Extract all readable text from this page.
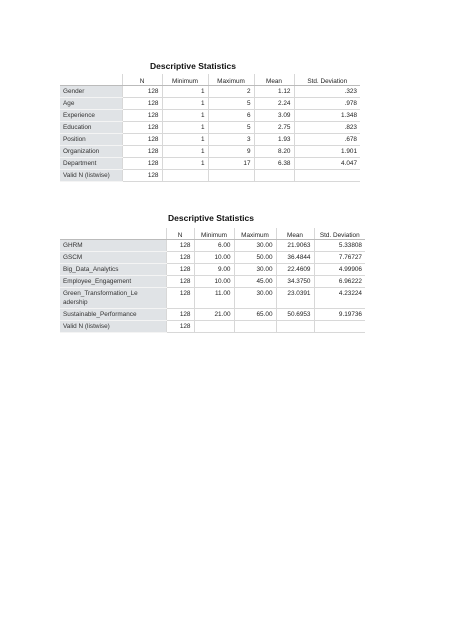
Descriptive Statistics
	N	Minimum	Maximum	Mean	Std. Deviation
Gender	128	1	2	1.12	.323
Age	128	1	5	2.24	.978
Experience	128	1	6	3.09	1.348
Education	128	1	5	2.75	.823
Position	128	1	3	1.93	.678
Organization	128	1	9	8.20	1.901
Department	128	1	17	6.38	4.047
Valid N (listwise)	128				
Descriptive Statistics
	N	Minimum	Maximum	Mean	Std. Deviation
GHRM	128	6.00	30.00	21.9063	5.33808
GSCM	128	10.00	50.00	36.4844	7.76727
Big_Data_Analytics	128	9.00	30.00	22.4609	4.99906
Employee_Engagement	128	10.00	45.00	34.3750	6.96222
Green_Transformation_Le adership	128	11.00	30.00	23.0391	4.23224
Sustainable_Performance	128	21.00	65.00	50.6953	9.19736
Valid N (listwise)	128				
